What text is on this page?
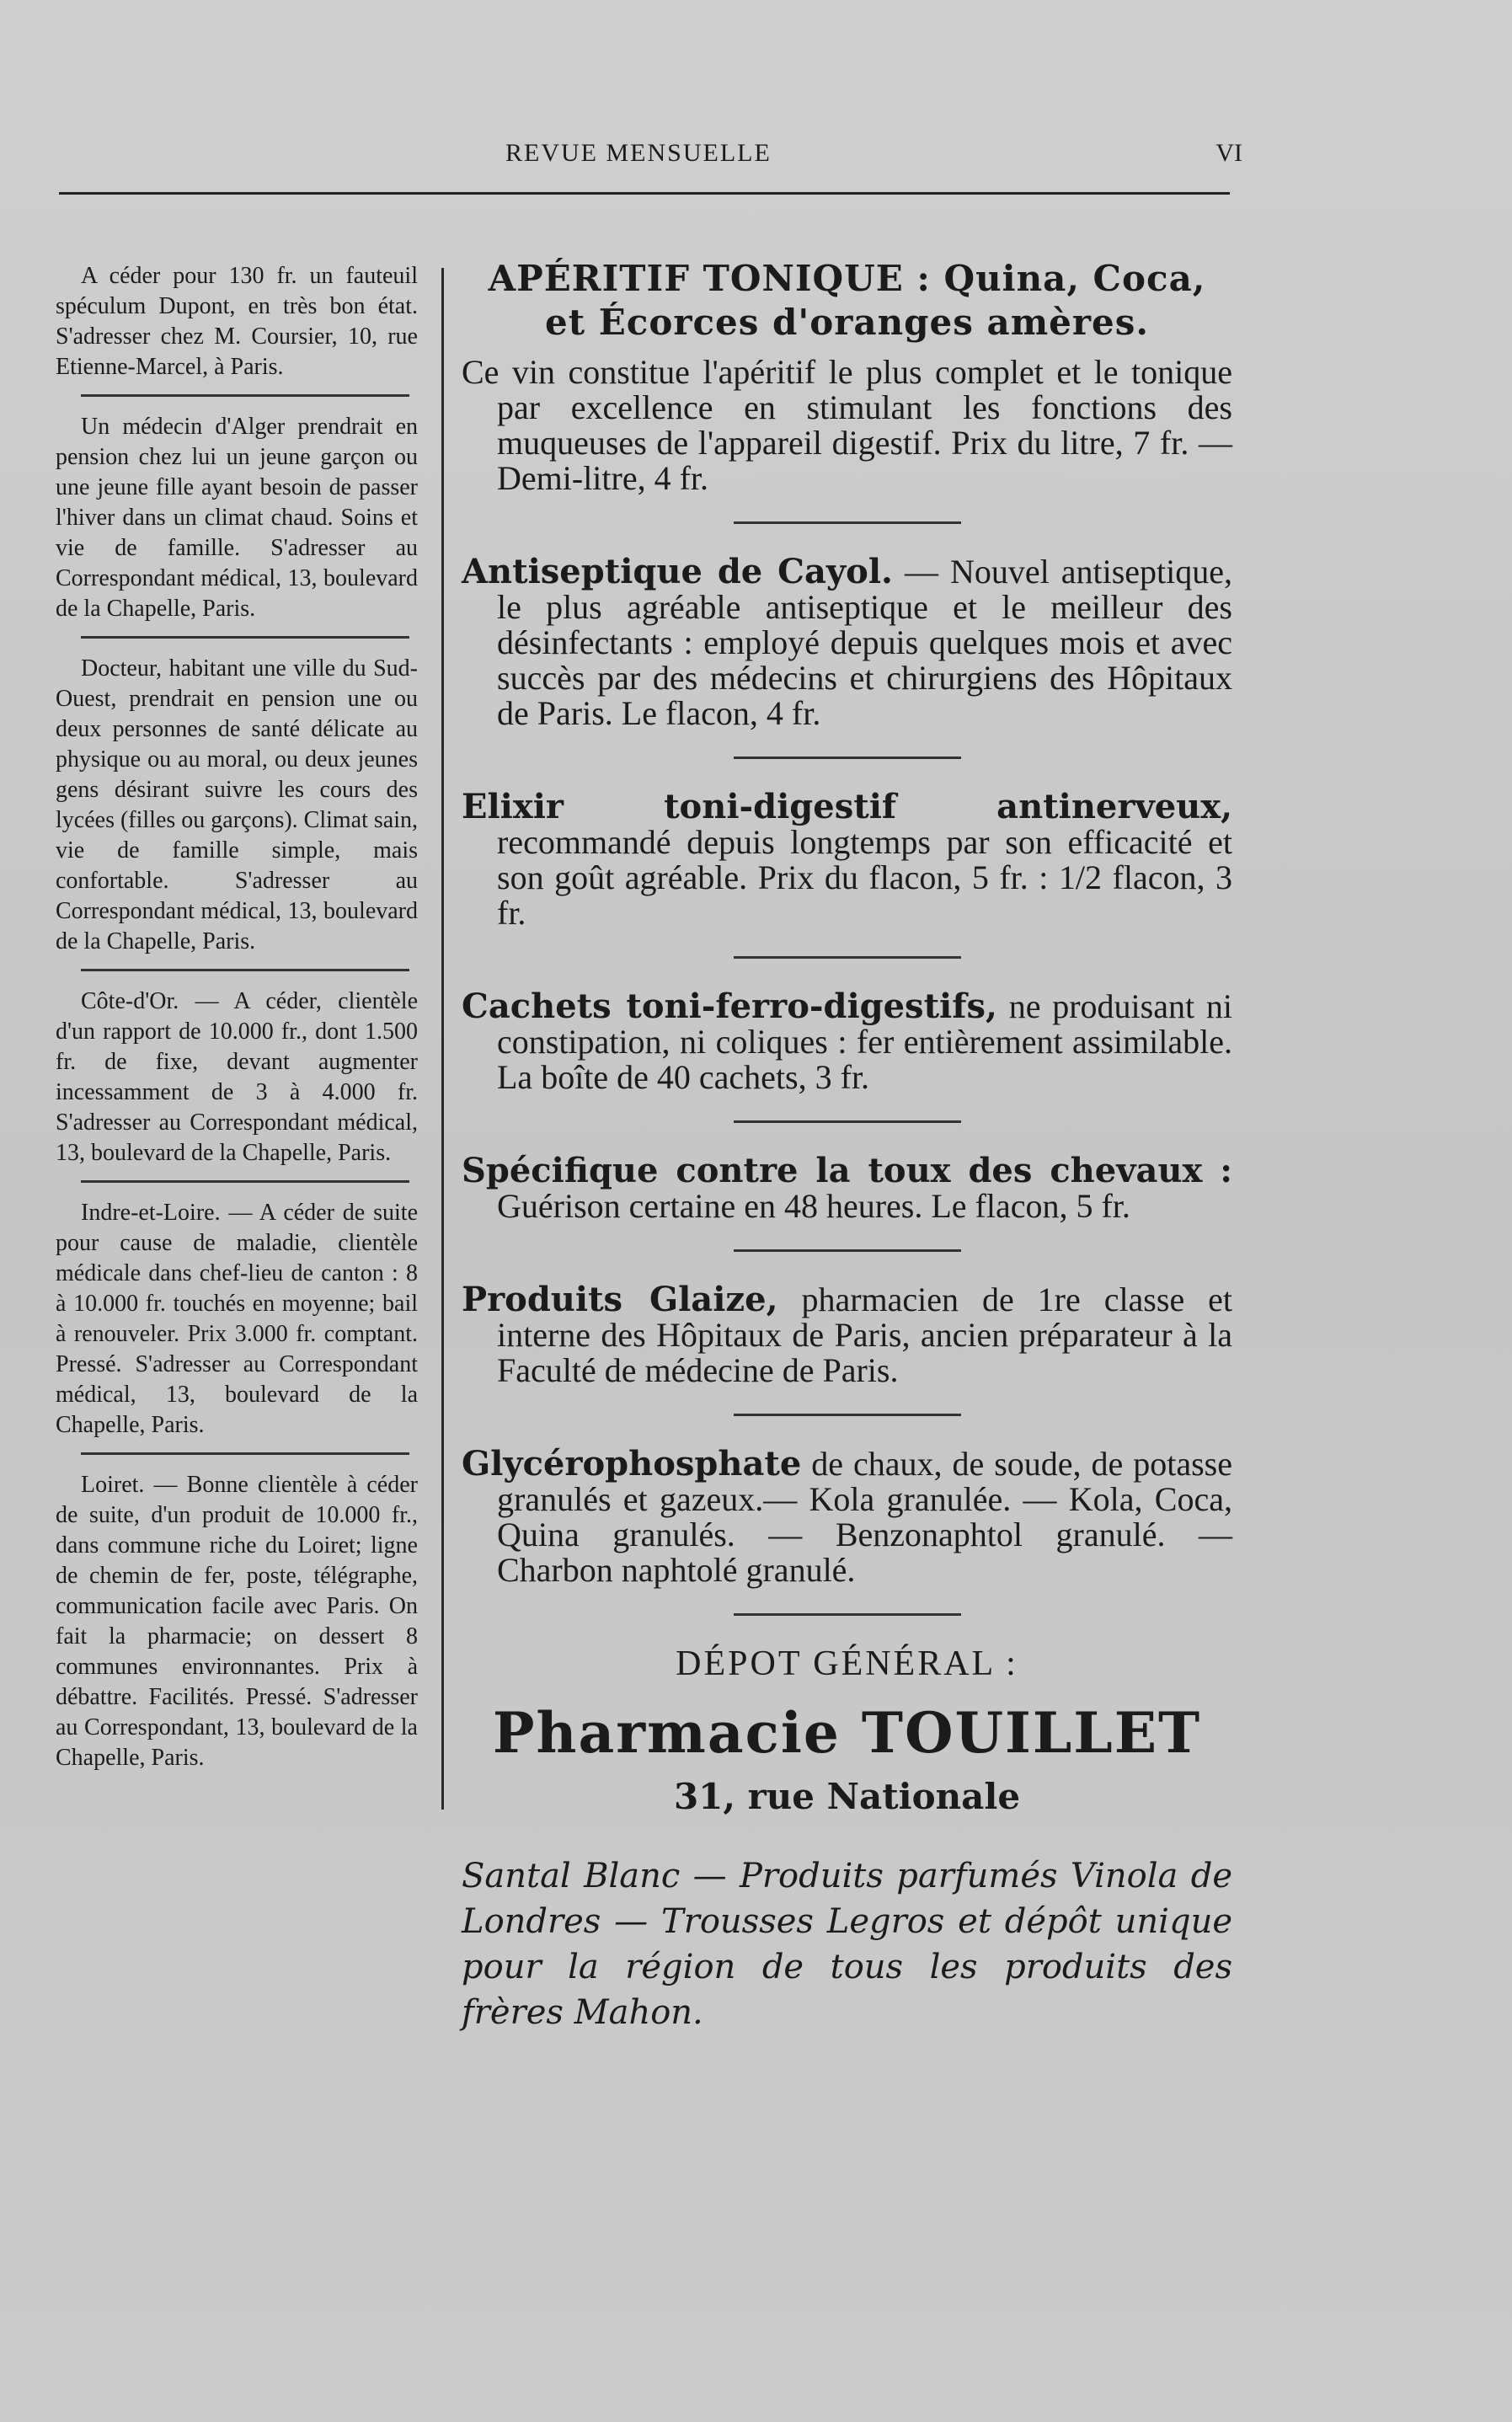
REVUE MENSUELLE	VI

A céder pour 130 fr. un fauteuil spéculum Dupont, en très bon état. S'adresser chez M. Coursier, 10, rue Etienne-Marcel, à Paris.

Un médecin d'Alger prendrait en pension chez lui un jeune garçon ou une jeune fille ayant besoin de passer l'hiver dans un climat chaud. Soins et vie de famille. S'adresser au Correspondant médical, 13, boulevard de la Chapelle, Paris.

Docteur, habitant une ville du Sud-Ouest, prendrait en pension une ou deux personnes de santé délicate au physique ou au moral, ou deux jeunes gens désirant suivre les cours des lycées (filles ou garçons). Climat sain, vie de famille simple, mais confortable. S'adresser au Correspondant médical, 13, boulevard de la Chapelle, Paris.

Côte-d'Or. — A céder, clientèle d'un rapport de 10.000 fr., dont 1.500 fr. de fixe, devant augmenter incessamment de 3 à 4.000 fr. S'adresser au Correspondant médical, 13, boulevard de la Chapelle, Paris.

Indre-et-Loire. — A céder de suite pour cause de maladie, clientèle médicale dans chef-lieu de canton : 8 à 10.000 fr. touchés en moyenne; bail à renouveler. Prix 3.000 fr. comptant. Pressé. S'adresser au Correspondant médical, 13, boulevard de la Chapelle, Paris.

Loiret. — Bonne clientèle à céder de suite, d'un produit de 10.000 fr., dans commune riche du Loiret; ligne de chemin de fer, poste, télégraphe, communication facile avec Paris. On fait la pharmacie; on dessert 8 communes environnantes. Prix à débattre. Facilités. Pressé. S'adresser au Correspondant, 13, boulevard de la Chapelle, Paris.

APÉRITIF TONIQUE : Quina, Coca,
et Écorces d'oranges amères.

Ce vin constitue l'apéritif le plus complet et le tonique par excellence en stimulant les fonctions des muqueuses de l'appareil digestif. Prix du litre, 7 fr. — Demi-litre, 4 fr.

Antiseptique de Cayol. — Nouvel antiseptique, le plus agréable antiseptique et le meilleur des désinfectants : employé depuis quelques mois et avec succès par des médecins et chirurgiens des Hôpitaux de Paris. Le flacon, 4 fr.

Elixir toni-digestif antinerveux, recommandé depuis longtemps par son efficacité et son goût agréable. Prix du flacon, 5 fr. : 1/2 flacon, 3 fr.

Cachets toni-ferro-digestifs, ne produisant ni constipation, ni coliques : fer entièrement assimilable. La boîte de 40 cachets, 3 fr.

Spécifique contre la toux des chevaux : Guérison certaine en 48 heures. Le flacon, 5 fr.

Produits Glaize, pharmacien de 1re classe et interne des Hôpitaux de Paris, ancien préparateur à la Faculté de médecine de Paris.

Glycérophosphate de chaux, de soude, de potasse granulés et gazeux.— Kola granulée. — Kola, Coca, Quina granulés. — Benzonaphtol granulé. — Charbon naphtolé granulé.

DÉPOT GÉNÉRAL :
Pharmacie TOUILLET
31, rue Nationale

Santal Blanc — Produits parfumés Vinola de Londres — Trousses Legros et dépôt unique pour la région de tous les produits des frères Mahon.
